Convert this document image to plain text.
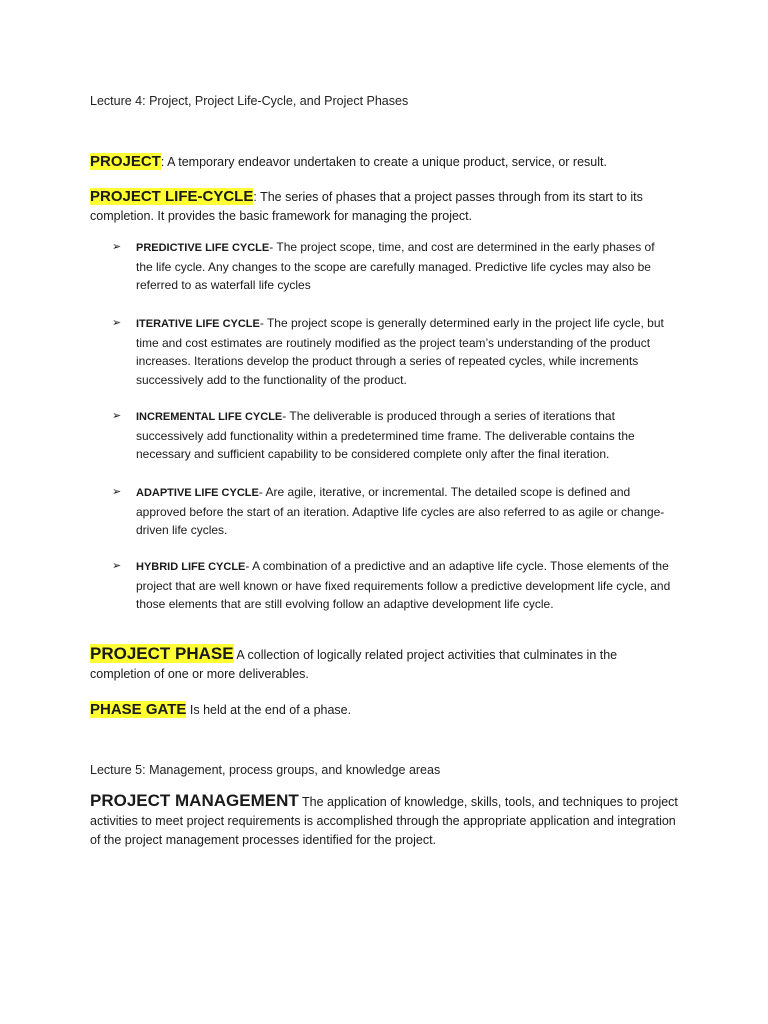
Lecture 4: Project, Project Life-Cycle, and Project Phases
PROJECT: A temporary endeavor undertaken to create a unique product, service, or result.
PROJECT LIFE-CYCLE: The series of phases that a project passes through from its start to its completion. It provides the basic framework for managing the project.
➢ PREDICTIVE LIFE CYCLE- The project scope, time, and cost are determined in the early phases of the life cycle. Any changes to the scope are carefully managed. Predictive life cycles may also be referred to as waterfall life cycles
➢ ITERATIVE LIFE CYCLE- The project scope is generally determined early in the project life cycle, but time and cost estimates are routinely modified as the project team’s understanding of the product increases. Iterations develop the product through a series of repeated cycles, while increments successively add to the functionality of the product.
➢ INCREMENTAL LIFE CYCLE- The deliverable is produced through a series of iterations that successively add functionality within a predetermined time frame. The deliverable contains the necessary and sufficient capability to be considered complete only after the final iteration.
➢ ADAPTIVE LIFE CYCLE- Are agile, iterative, or incremental. The detailed scope is defined and approved before the start of an iteration. Adaptive life cycles are also referred to as agile or change-driven life cycles.
➢ HYBRID LIFE CYCLE- A combination of a predictive and an adaptive life cycle. Those elements of the project that are well known or have fixed requirements follow a predictive development life cycle, and those elements that are still evolving follow an adaptive development life cycle.
PROJECT PHASE A collection of logically related project activities that culminates in the completion of one or more deliverables.
PHASE GATE Is held at the end of a phase.
Lecture 5: Management, process groups, and knowledge areas
PROJECT MANAGEMENT The application of knowledge, skills, tools, and techniques to project activities to meet project requirements is accomplished through the appropriate application and integration of the project management processes identified for the project.
